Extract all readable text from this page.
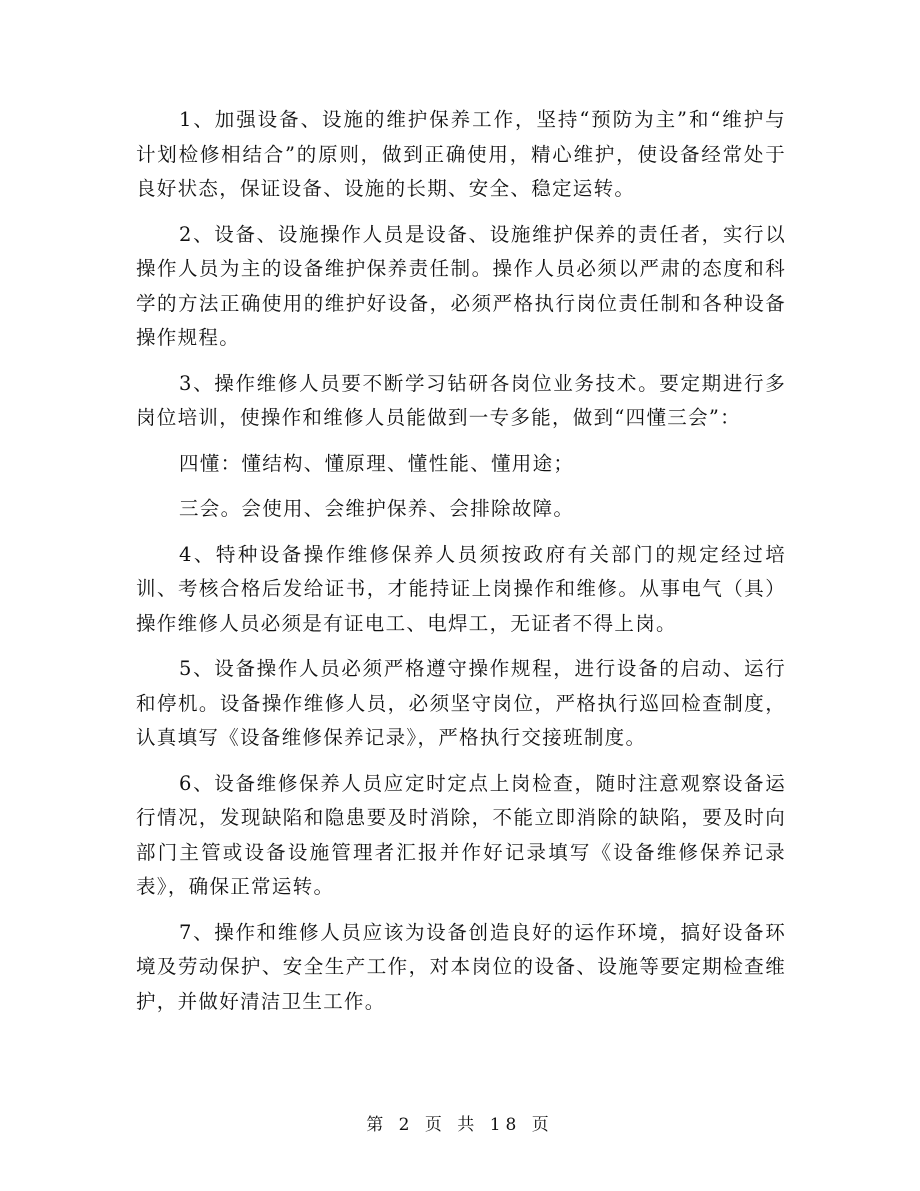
1、加强设备、设施的维护保养工作，坚持“预防为主”和“维护与计划检修相结合”的原则，做到正确使用，精心维护，使设备经常处于良好状态，保证设备、设施的长期、安全、稳定运转。

2、设备、设施操作人员是设备、设施维护保养的责任者，实行以操作人员为主的设备维护保养责任制。操作人员必须以严肃的态度和科学的方法正确使用的维护好设备，必须严格执行岗位责任制和各种设备操作规程。

3、操作维修人员要不断学习钻研各岗位业务技术。要定期进行多岗位培训，使操作和维修人员能做到一专多能，做到“四懂三会”：

四懂：懂结构、懂原理、懂性能、懂用途；

三会。会使用、会维护保养、会排除故障。

4、特种设备操作维修保养人员须按政府有关部门的规定经过培训、考核合格后发给证书，才能持证上岗操作和维修。从事电气（具）操作维修人员必须是有证电工、电焊工，无证者不得上岗。

5、设备操作人员必须严格遵守操作规程，进行设备的启动、运行和停机。设备操作维修人员，必须坚守岗位，严格执行巡回检查制度，认真填写《设备维修保养记录》，严格执行交接班制度。

6、设备维修保养人员应定时定点上岗检查，随时注意观察设备运行情况，发现缺陷和隐患要及时消除，不能立即消除的缺陷，要及时向部门主管或设备设施管理者汇报并作好记录填写《设备维修保养记录表》，确保正常运转。

7、操作和维修人员应该为设备创造良好的运作环境，搞好设备环境及劳动保护、安全生产工作，对本岗位的设备、设施等要定期检查维护，并做好清洁卫生工作。

第 2 页 共 18 页
